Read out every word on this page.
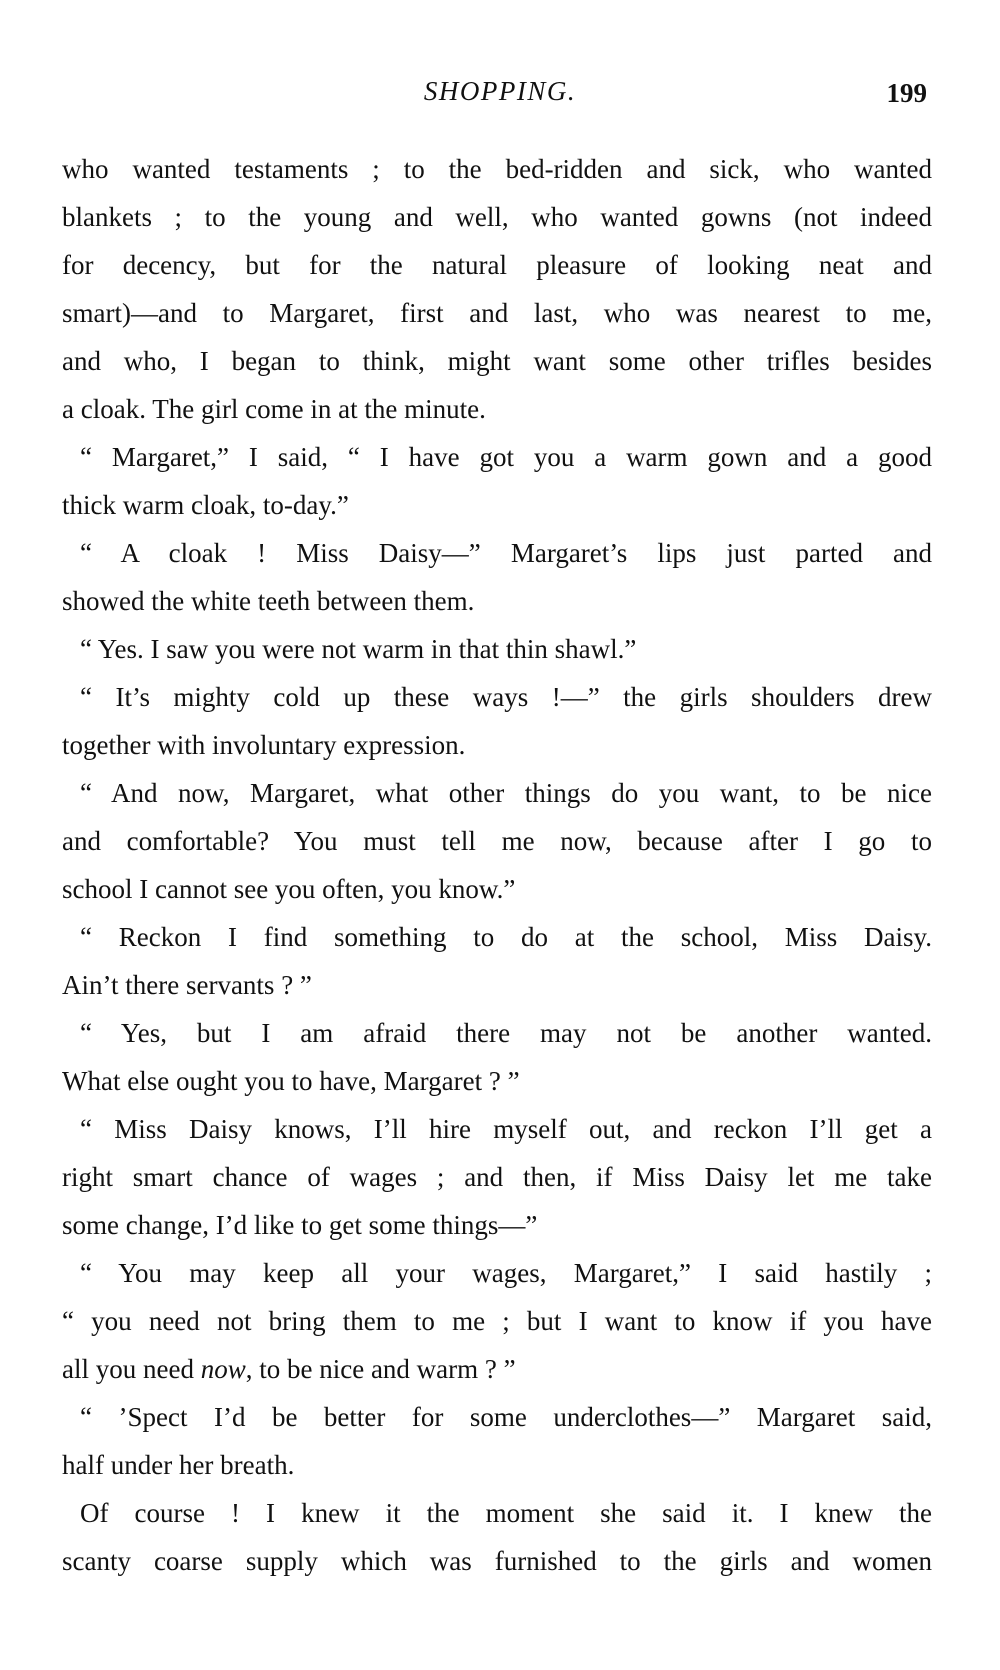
SHOPPING.	199
who wanted testaments ; to the bed-ridden and sick, who wanted
blankets ; to the young and well, who wanted gowns (not indeed
for decency, but for the natural pleasure of looking neat and
smart)—and to Margaret, first and last, who was nearest to me,
and who, I began to think, might want some other trifles besides
a cloak. The girl come in at the minute.
“ Margaret,” I said, “ I have got you a warm gown and a good
thick warm cloak, to-day.”
“ A cloak ! Miss Daisy—” Margaret’s lips just parted and
showed the white teeth between them.
“ Yes. I saw you were not warm in that thin shawl.”
“ It’s mighty cold up these ways !—” the girls shoulders drew
together with involuntary expression.
“ And now, Margaret, what other things do you want, to be nice
and comfortable? You must tell me now, because after I go to
school I cannot see you often, you know.”
“ Reckon I find something to do at the school, Miss Daisy.
Ain’t there servants ? ”
“ Yes, but I am afraid there may not be another wanted.
What else ought you to have, Margaret ? ”
“ Miss Daisy knows, I’ll hire myself out, and reckon I’ll get a
right smart chance of wages ; and then, if Miss Daisy let me take
some change, I’d like to get some things—”
“ You may keep all your wages, Margaret,” I said hastily ;
“ you need not bring them to me ; but I want to know if you have
all you need now, to be nice and warm ? ”
“ ’Spect I’d be better for some underclothes—” Margaret said,
half under her breath.
Of course ! I knew it the moment she said it. I knew the
scanty coarse supply which was furnished to the girls and women
